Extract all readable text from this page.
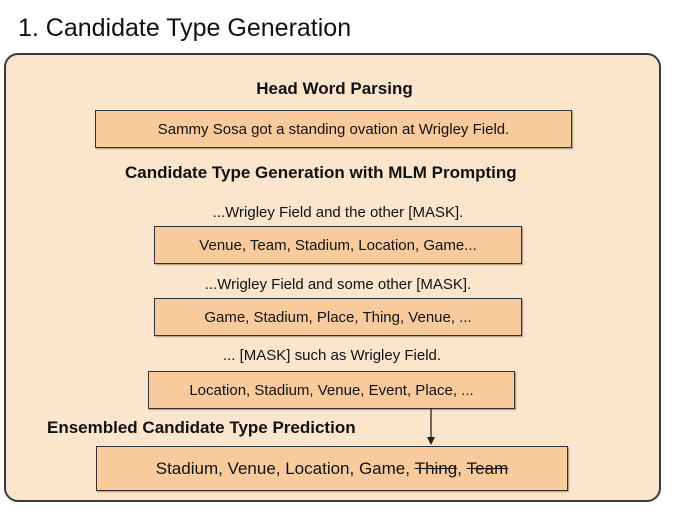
1. Candidate Type Generation
Head Word Parsing
Sammy Sosa got a standing ovation at Wrigley Field.
Candidate Type Generation with MLM Prompting
...Wrigley Field and the other [MASK].
Venue, Team, Stadium, Location, Game...
...Wrigley Field and some other [MASK].
Game, Stadium, Place, Thing, Venue, ...
... [MASK] such as Wrigley Field.
Location, Stadium, Venue, Event, Place, ...
Ensembled Candidate Type Prediction
Stadium, Venue, Location, Game, Thing , Team
